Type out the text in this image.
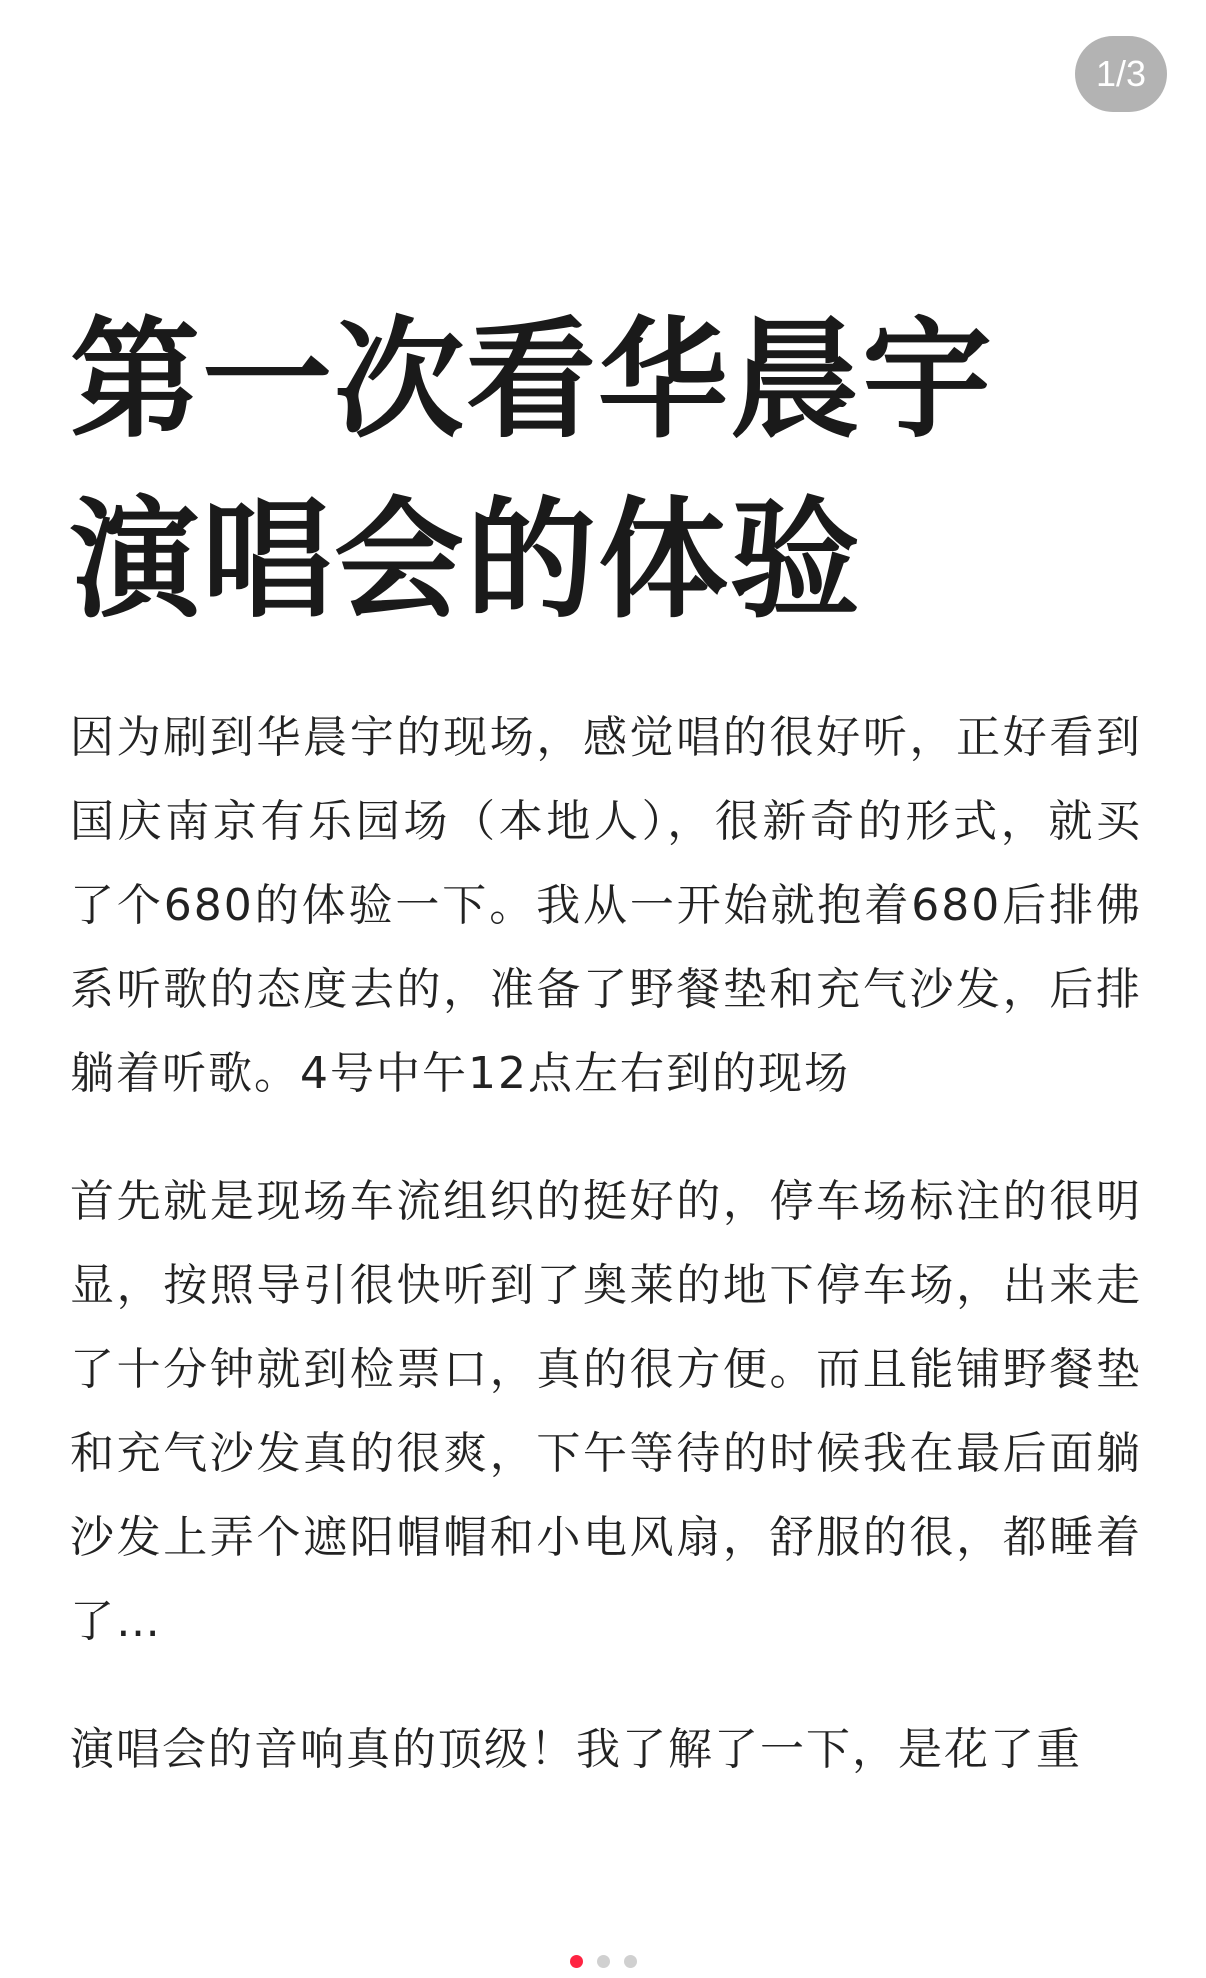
1/3
第一次看华晨宇
演唱会的体验

因为刷到华晨宇的现场，感觉唱的很好听，正好看到国庆南京有乐园场（本地人），很新奇的形式，就买了个680的体验一下。我从一开始就抱着680后排佛系听歌的态度去的，准备了野餐垫和充气沙发，后排躺着听歌。4号中午12点左右到的现场

首先就是现场车流组织的挺好的，停车场标注的很明显，按照导引很快听到了奥莱的地下停车场，出来走了十分钟就到检票口，真的很方便。而且能铺野餐垫和充气沙发真的很爽，下午等待的时候我在最后面躺沙发上弄个遮阳帽帽和小电风扇，舒服的很，都睡着了…

演唱会的音响真的顶级！我了解了一下，是花了重
